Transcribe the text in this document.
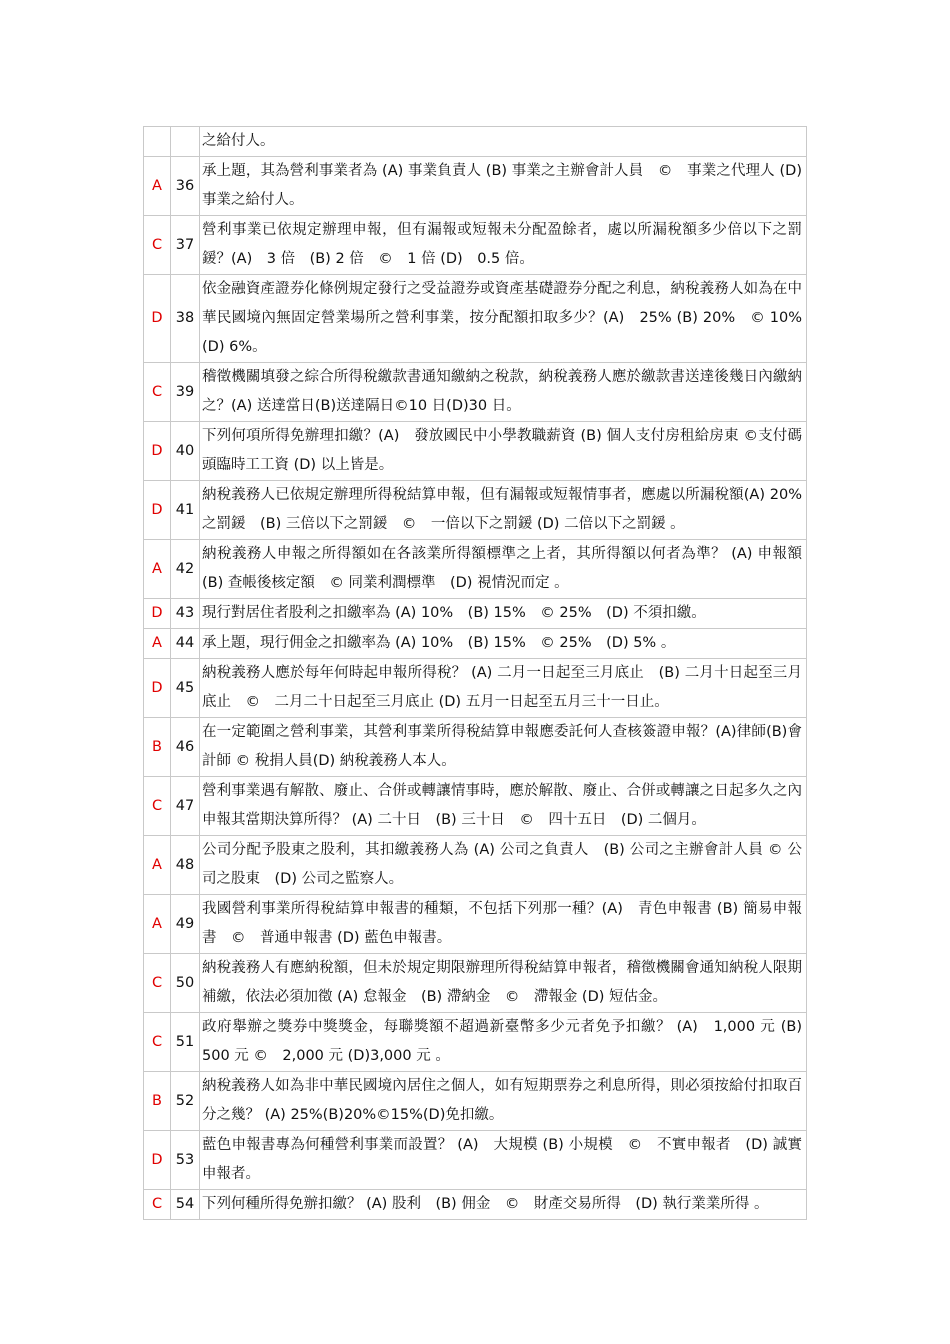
		之給付人。
A	36	承上題，其為營利事業者為 (A) 事業負責人 (B) 事業之主辦會計人員　©　事業之代理人 (D) 事業之給付人。
C	37	營利事業已依規定辦理申報，但有漏報或短報未分配盈餘者，處以所漏稅額多少倍以下之罰鍰？(A)　3 倍　(B) 2 倍　©　1 倍 (D)　0.5 倍。
D	38	依金融資產證券化條例規定發行之受益證券或資產基礎證券分配之利息，納稅義務人如為在中華民國境內無固定營業場所之營利事業，按分配額扣取多少？(A)　25% (B) 20%　© 10% (D) 6%。
C	39	稽徵機關填發之綜合所得稅繳款書通知繳納之稅款，納稅義務人應於繳款書送達後幾日內繳納之？(A) 送達當日(B)送達隔日©10 日(D)30 日。
D	40	下列何項所得免辦理扣繳？(A)　發放國民中小學教職薪資 (B) 個人支付房租給房東 ©支付碼頭臨時工工資 (D) 以上皆是。
D	41	納稅義務人已依規定辦理所得稅結算申報，但有漏報或短報情事者，應處以所漏稅額(A) 20%之罰鍰　(B) 三倍以下之罰鍰　©　一倍以下之罰鍰 (D) 二倍以下之罰鍰 。
A	42	納稅義務人申報之所得額如在各該業所得額標準之上者，其所得額以何者為準？ (A) 申報額 (B) 查帳後核定額　© 同業利潤標準　(D) 視情況而定 。
D	43	現行對居住者股利之扣繳率為 (A) 10%　(B) 15%　© 25%　(D) 不須扣繳。
A	44	承上題，現行佣金之扣繳率為 (A) 10%　(B) 15%　© 25%　(D) 5% 。
D	45	納稅義務人應於每年何時起申報所得稅？ (A) 二月一日起至三月底止　(B) 二月十日起至三月底止　©　二月二十日起至三月底止 (D) 五月一日起至五月三十一日止。
B	46	在一定範圍之營利事業，其營利事業所得稅結算申報應委託何人查核簽證申報？(A)律師(B)會計師 © 稅捐人員(D) 納稅義務人本人。
C	47	營利事業遇有解散、廢止、合併或轉讓情事時，應於解散、廢止、合併或轉讓之日起多久之內申報其當期決算所得？ (A) 二十日　(B) 三十日　©　四十五日　(D) 二個月。
A	48	公司分配予股東之股利，其扣繳義務人為 (A) 公司之負責人　(B) 公司之主辦會計人員 © 公司之股東　(D) 公司之監察人。
A	49	我國營利事業所得稅結算申報書的種類，不包括下列那一種？(A)　青色申報書 (B) 簡易申報書　©　普通申報書 (D) 藍色申報書。
C	50	納稅義務人有應納稅額，但未於規定期限辦理所得稅結算申報者，稽徵機關會通知納稅人限期補繳，依法必須加徵 (A) 怠報金　(B) 滯納金　©　滯報金 (D) 短估金。
C	51	政府舉辦之獎券中獎獎金，每聯獎額不超過新臺幣多少元者免予扣繳？ (A)　1,000 元 (B) 500 元 ©　2,000 元 (D)3,000 元 。
B	52	納稅義務人如為非中華民國境內居住之個人，如有短期票券之利息所得，則必須按給付扣取百分之幾？ (A) 25%(B)20%©15%(D)免扣繳。
D	53	藍色申報書專為何種營利事業而設置？ (A)　大規模 (B) 小規模　©　不實申報者　(D) 誠實申報者。
C	54	下列何種所得免辦扣繳？ (A) 股利　(B) 佣金　©　財產交易所得　(D) 執行業業所得 。
